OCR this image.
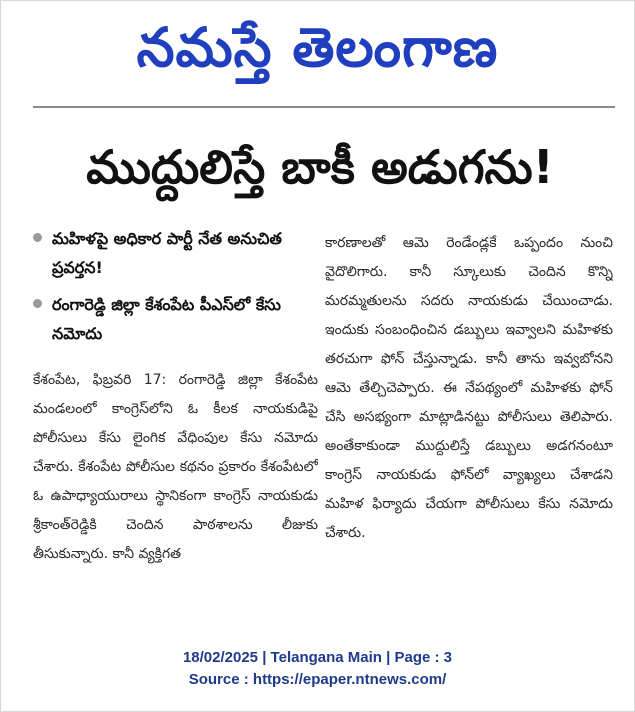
నమస్తే తెలంగాణ
ముద్దులిస్తే బాకీ అడుగను!
మహిళపై అధికార పార్టీ నేత అనుచిత ప్రవర్తన!
రంగారెడ్డి జిల్లా కేశంపేట పీఎస్‌లో కేసు నమోదు

కేశంపేట, ఫిబ్రవరి 17: రంగారెడ్డి జిల్లా కేశంపేట మండలంలో కాంగ్రెస్‌లోని ఓ కీలక నాయకుడిపై పోలీసులు కేసు లైంగిక వేధింపుల కేసు నమోదు చేశారు. కేశంపేట పోలీసుల కథనం ప్రకారం కేశంపేటలో ఓ ఉపాధ్యాయురాలు స్థానికంగా కాంగ్రెస్ నాయకుడు శ్రీకాంత్‌రెడ్డికి చెందిన పాఠశాలను లీజుకు తీసుకున్నారు. కానీ వ్యక్తిగత

కారణాలతో ఆమె రెండేండ్లకే ఒప్పందం నుంచి వైదొలిగారు. కానీ స్కూలుకు చెందిన కొన్ని మరమ్మతులను సదరు నాయకుడు చేయించాడు. ఇందుకు సంబంధించిన డబ్బులు ఇవ్వాలని మహిళకు తరచుగా ఫోన్ చేస్తున్నాడు. కానీ తాను ఇవ్వబోనని ఆమె తేల్చిచెప్పారు. ఈ నేపథ్యంలో మహిళకు ఫోన్ చేసి అసభ్యంగా మాట్లాడినట్టు పోలీసులు తెలిపారు. అంతేకాకుండా ముద్దులిస్తే డబ్బులు అడగనంటూ కాంగ్రెస్ నాయకుడు ఫోన్‌లో వ్యాఖ్యలు చేశాడని మహిళ ఫిర్యాదు చేయగా పోలీసులు కేసు నమోదు చేశారు.

18/02/2025 | Telangana Main | Page : 3
Source : https://epaper.ntnews.com/
